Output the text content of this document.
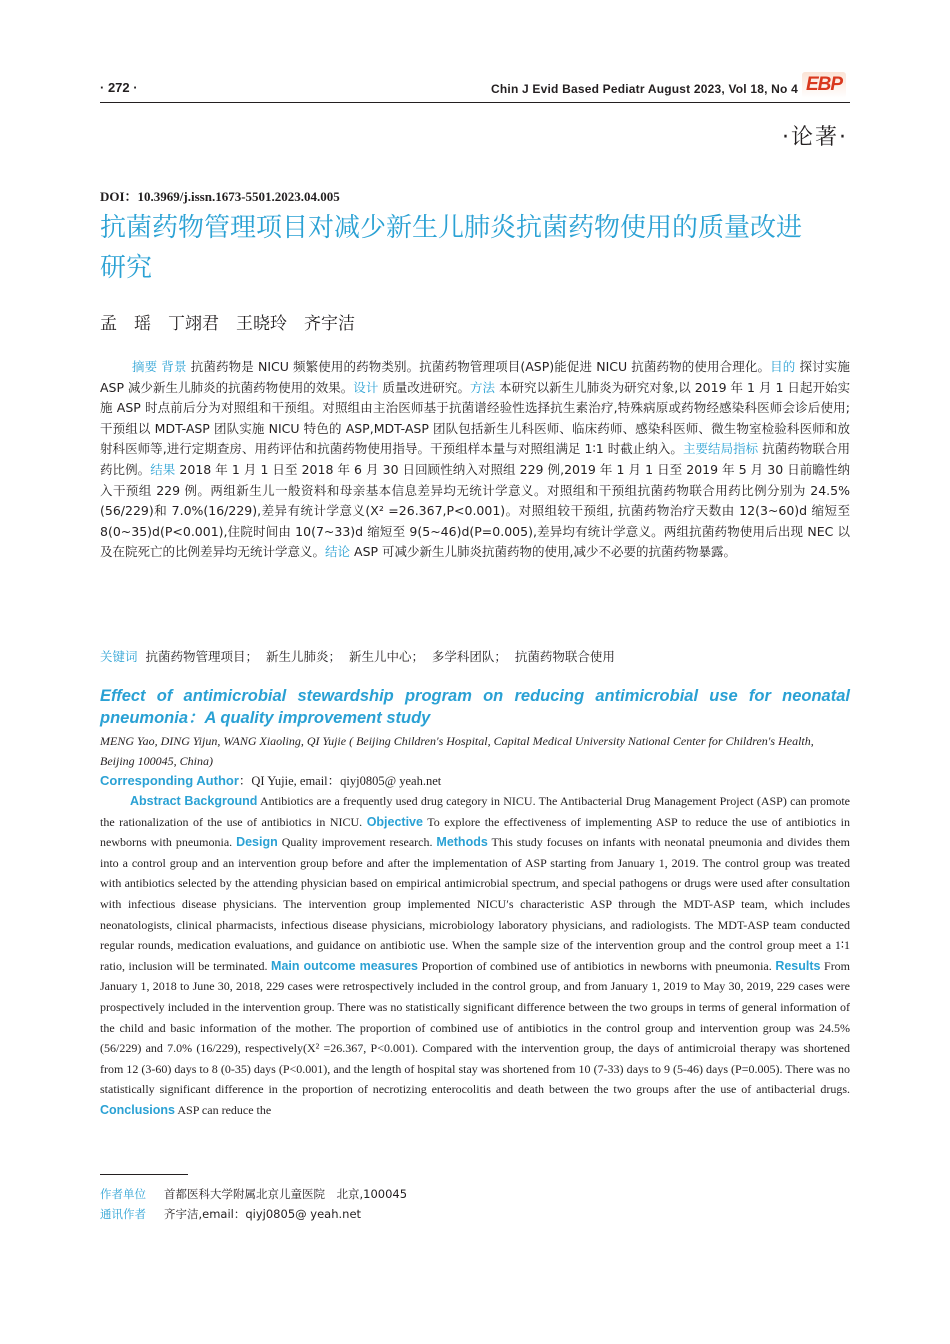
· 272 ·	Chin J Evid Based Pediatr August 2023, Vol 18, No 4 EBP
·论著·
DOI：10.3969/j.issn.1673-5501.2023.04.005
抗菌药物管理项目对减少新生儿肺炎抗菌药物使用的质量改进研究
孟　瑶　丁翊君　王晓玲　齐宇洁
摘要 背景 抗菌药物是 NICU 频繁使用的药物类别。抗菌药物管理项目(ASP)能促进 NICU 抗菌药物的使用合理化。目的 探讨实施 ASP 减少新生儿肺炎的抗菌药物使用的效果。设计 质量改进研究。方法 本研究以新生儿肺炎为研究对象,以 2019 年 1 月 1 日起开始实施 ASP 时点前后分为对照组和干预组。对照组由主治医师基于抗菌谱经验性选择抗生素治疗,特殊病原或药物经感染科医师会诊后使用;干预组以 MDT-ASP 团队实施 NICU 特色的 ASP,MDT-ASP 团队包括新生儿科医师、临床药师、感染科医师、微生物室检验科医师和放射科医师等,进行定期查房、用药评估和抗菌药物使用指导。干预组样本量与对照组满足 1∶1 时截止纳入。主要结局指标 抗菌药物联合用药比例。结果 2018 年 1 月 1 日至 2018 年 6 月 30 日回顾性纳入对照组 229 例,2019 年 1 月 1 日至 2019 年 5 月 30 日前瞻性纳入干预组 229 例。两组新生儿一般资料和母亲基本信息差异均无统计学意义。对照组和干预组抗菌药物联合用药比例分别为 24.5%(56/229)和 7.0%(16/229),差异有统计学意义(X² =26.367,P<0.001)。对照组较干预组, 抗菌药物治疗天数由 12(3~60)d 缩短至 8(0~35)d(P<0.001),住院时间由 10(7~33)d 缩短至 9(5~46)d(P=0.005),差异均有统计学意义。两组抗菌药物使用后出现 NEC 以及在院死亡的比例差异均无统计学意义。结论 ASP 可减少新生儿肺炎抗菌药物的使用,减少不必要的抗菌药物暴露。
关键词 抗菌药物管理项目； 新生儿肺炎； 新生儿中心； 多学科团队； 抗菌药物联合使用
Effect of antimicrobial stewardship program on reducing antimicrobial use for neonatal
pneumonia：A quality improvement study
MENG Yao, DING Yijun, WANG Xiaoling, QI Yujie ( Beijing Children′s Hospital, Capital Medical University National Center for Children′s Health, Beijing 100045, China)
Corresponding Author：QI Yujie, email：qiyj0805@ yeah.net
Abstract Background Antibiotics are a frequently used drug category in NICU. The Antibacterial Drug Management Project (ASP) can promote the rationalization of the use of antibiotics in NICU. Objective To explore the effectiveness of implementing ASP to reduce the use of antibiotics in newborns with pneumonia. Design Quality improvement research. Methods This study focuses on infants with neonatal pneumonia and divides them into a control group and an intervention group before and after the implementation of ASP starting from January 1, 2019. The control group was treated with antibiotics selected by the attending physician based on empirical antimicrobial spectrum, and special pathogens or drugs were used after consultation with infectious disease physicians. The intervention group implemented NICU′s characteristic ASP through the MDT-ASP team, which includes neonatologists, clinical pharmacists, infectious disease physicians, microbiology laboratory physicians, and radiologists. The MDT-ASP team conducted regular rounds, medication evaluations, and guidance on antibiotic use. When the sample size of the intervention group and the control group meet a 1∶1 ratio, inclusion will be terminated. Main outcome measures Proportion of combined use of antibiotics in newborns with pneumonia. Results From January 1, 2018 to June 30, 2018, 229 cases were retrospectively included in the control group, and from January 1, 2019 to May 30, 2019, 229 cases were prospectively included in the intervention group. There was no statistically significant difference between the two groups in terms of general information of the child and basic information of the mother. The proportion of combined use of antibiotics in the control group and intervention group was 24.5% (56/229) and 7.0% (16/229), respectively(X² =26.367, P<0.001). Compared with the intervention group, the days of antimicroial therapy was shortened from 12 (3-60) days to 8 (0-35) days (P<0.001), and the length of hospital stay was shortened from 10 (7-33) days to 9 (5-46) days (P=0.005). There was no statistically significant difference in the proportion of necrotizing enterocolitis and death between the two groups after the use of antibacterial drugs. Conclusions ASP can reduce the
作者单位 首都医科大学附属北京儿童医院　北京,100045
通讯作者 齐宇洁,email：qiyj0805@ yeah.net
